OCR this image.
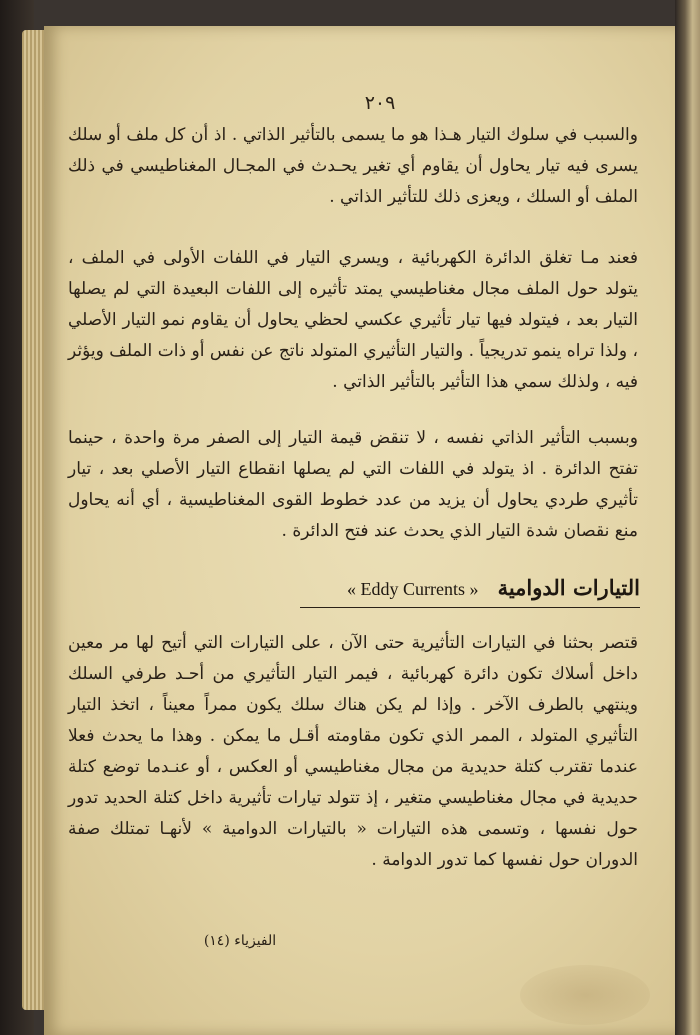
٢٠٩

والسبب في سلوك التيار هـذا هو ما يسمى بالتأثير الذاتي . اذ أن كل ملف أو سلك يسرى فيه تيار يحاول أن يقاوم أي تغير يحـدث في المجـال المغناطيسي في ذلك الملف أو السلك ، ويعزى ذلك للتأثير الذاتي .

فعند مـا تغلق الدائرة الكهربائية ، ويسري التيار في اللفات الأولى في الملف ، يتولد حول الملف مجال مغناطيسي يمتد تأثيره إلى اللفات البعيدة التي لم يصلها التيار بعد ، فيتولد فيها تيار تأثيري عكسي لحظي يحاول أن يقاوم نمو التيار الأصلي ، ولذا تراه ينمو تدريجياً . والتيار التأثيري المتولد ناتج عن نفس أو ذات الملف ويؤثر فيه ، ولذلك سمي هذا التأثير بالتأثير الذاتي .

وبسبب التأثير الذاتي نفسه ، لا تنقض قيمة التيار إلى الصفر مرة واحدة ، حينما تفتح الدائرة . اذ يتولد في اللفات التي لم يصلها انقطاع التيار الأصلي بعد ، تيار تأثيري طردي يحاول أن يزيد من عدد خطوط القوى المغناطيسية ، أي أنه يحاول منع نقصان شدة التيار الذي يحدث عند فتح الدائرة .

التيارات الدوامية « Eddy Currents »

قتصر بحثنا في التيارات التأثيرية حتى الآن ، على التيارات التي أتيح لها مر معين داخل أسلاك تكون دائرة كهربائية ، فيمر التيار التأثيري من أحـد طرفي السلك وينتهي بالطرف الآخر . وإذا لم يكن هناك سلك يكون ممراً معيناً ، اتخذ التيار التأثيري المتولد ، الممر الذي تكون مقاومته أقـل ما يمكن . وهذا ما يحدث فعلا عندما تقترب كتلة حديدية من مجال مغناطيسي أو العكس ، أو عنـدما توضع كتلة حديدية في مجال مغناطيسي متغير ، إذ تتولد تيارات تأثيرية داخل كتلة الحديد تدور حول نفسها ، وتسمى هذه التيارات « بالتيارات الدوامية » لأنهـا تمتلك صفة الدوران حول نفسها كما تدور الدوامة .

الفيزياء (١٤)
